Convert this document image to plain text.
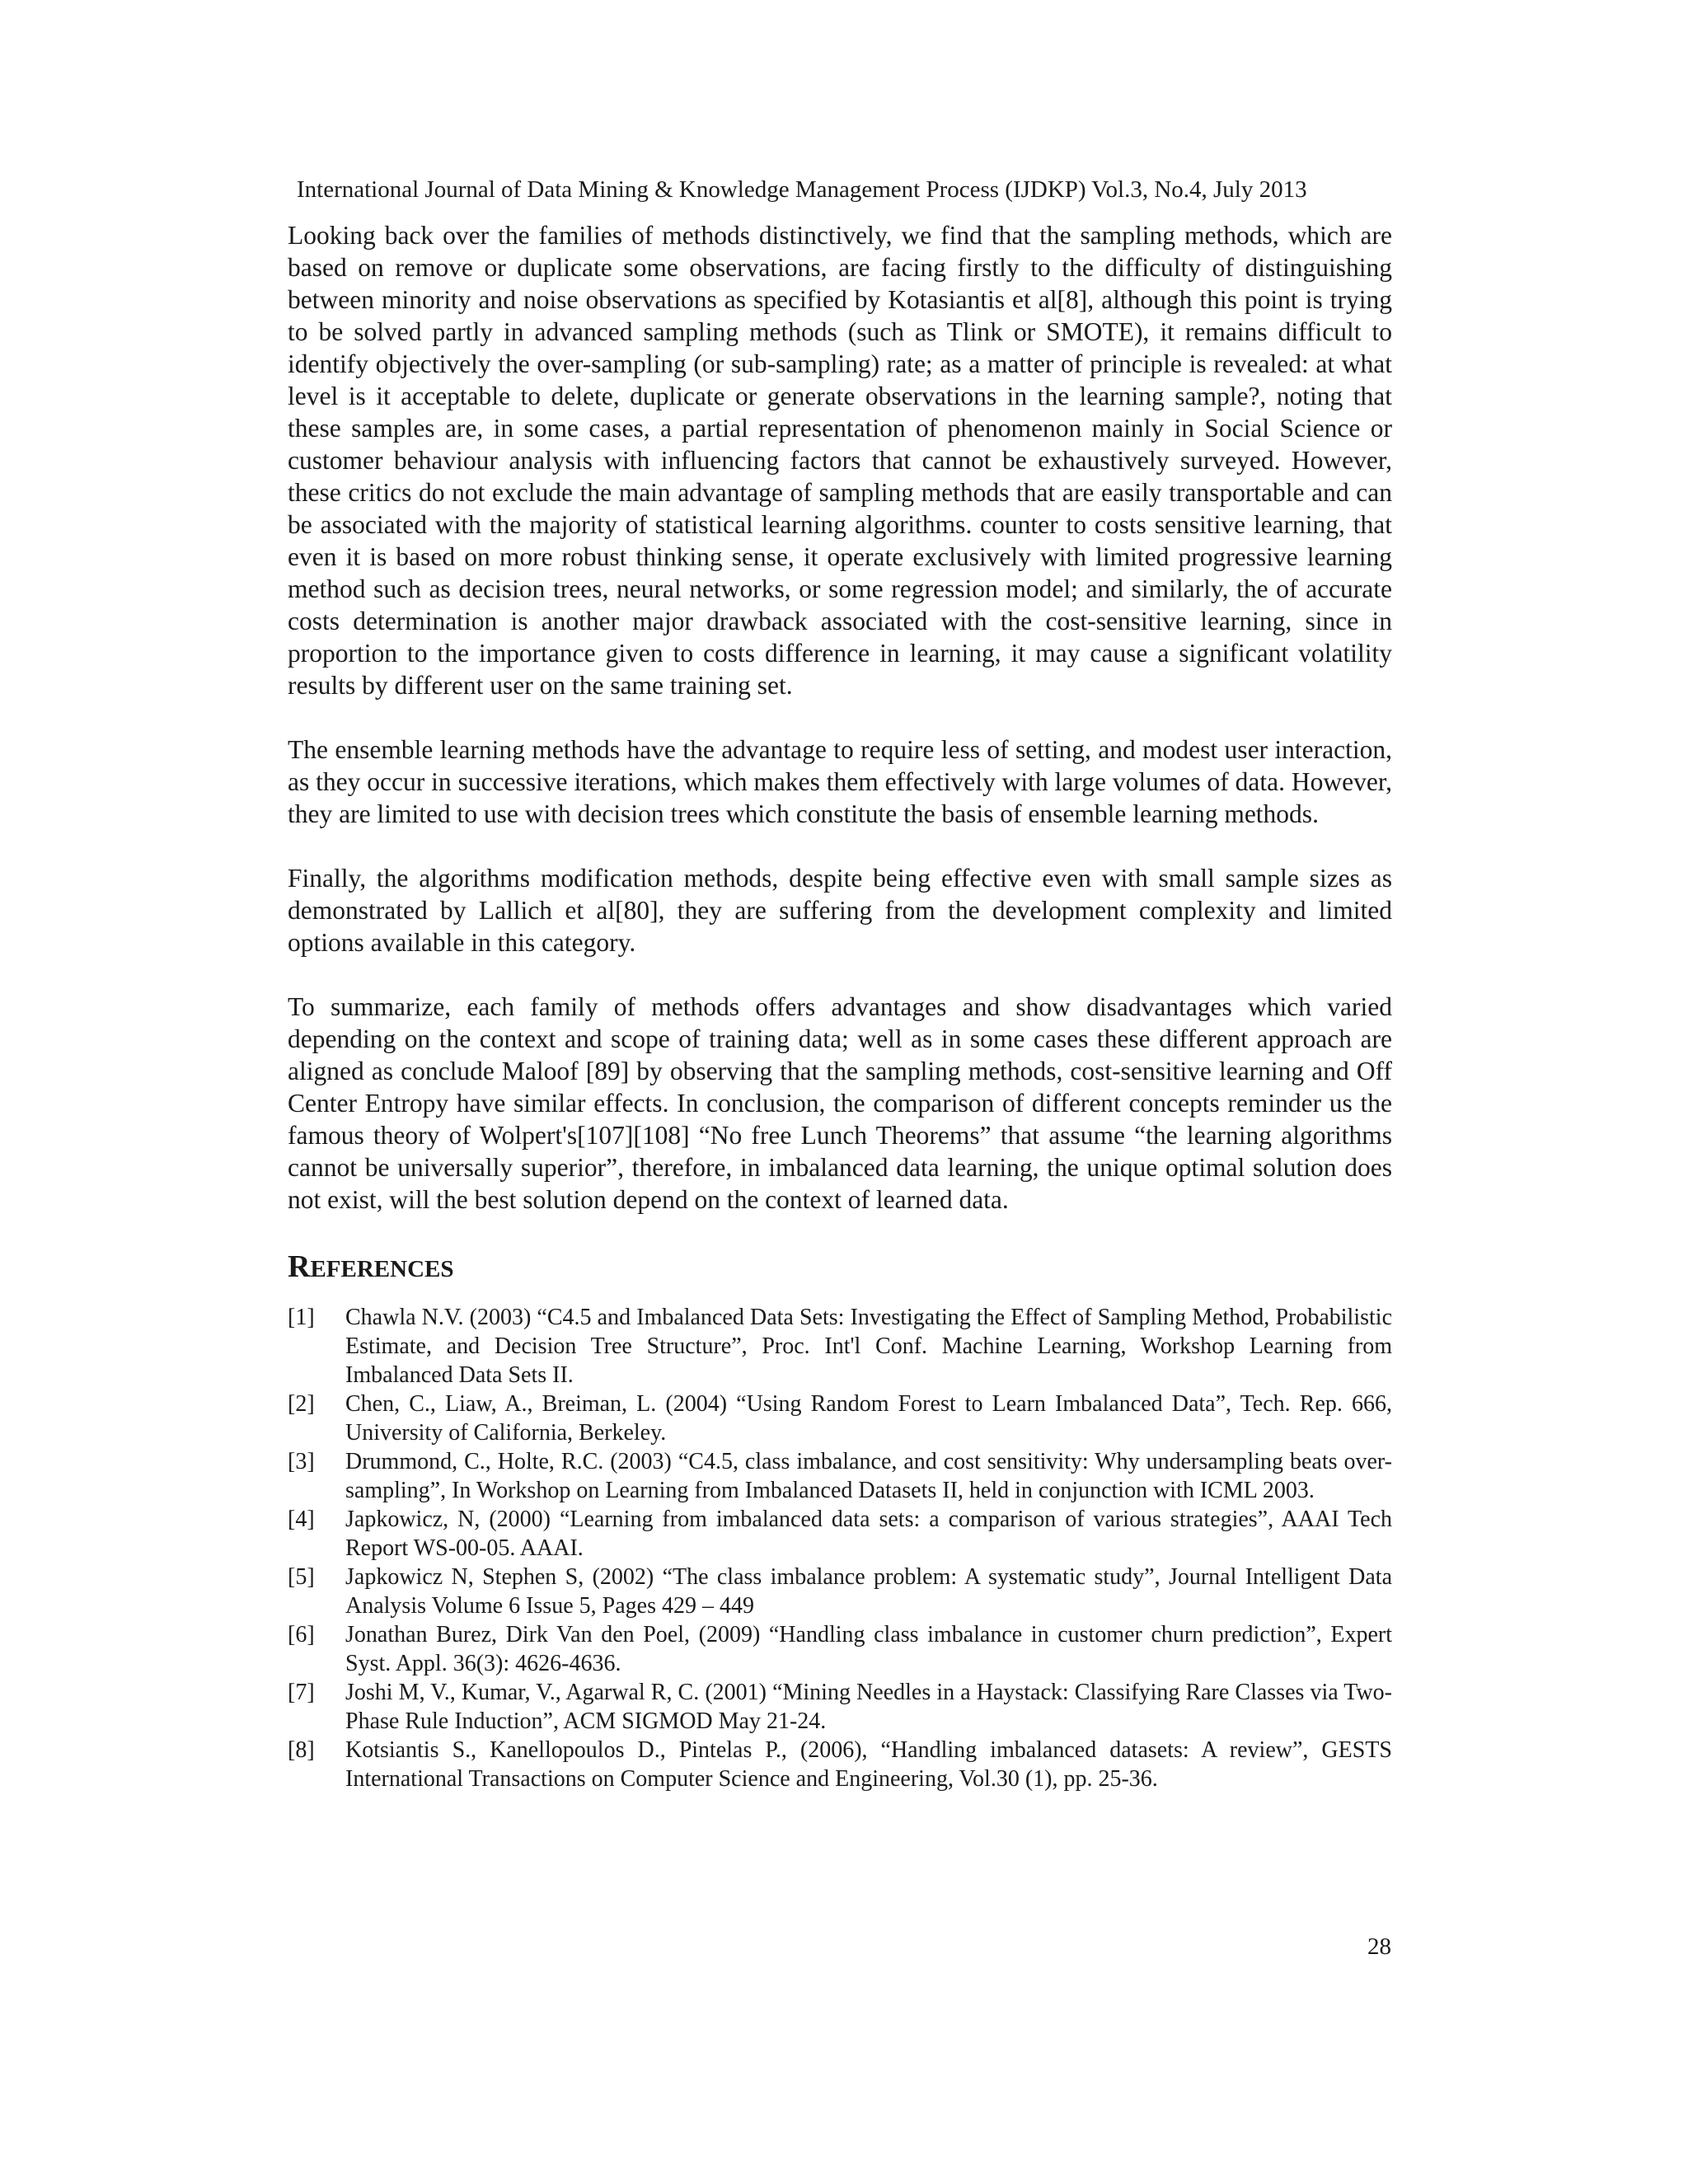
International Journal of Data Mining & Knowledge Management Process (IJDKP) Vol.3, No.4, July 2013

Looking back over the families of methods distinctively, we find that the sampling methods, which are based on remove or duplicate some observations, are facing firstly to the difficulty of distinguishing between minority and noise observations as specified by Kotasiantis et al[8], although this point is trying to be solved partly in advanced sampling methods (such as Tlink or SMOTE), it remains difficult to identify objectively the over-sampling (or sub-sampling) rate; as a matter of principle is revealed: at what level is it acceptable to delete, duplicate or generate observations in the learning sample?, noting that these samples are, in some cases, a partial representation of phenomenon mainly in Social Science or customer behaviour analysis with influencing factors that cannot be exhaustively surveyed. However, these critics do not exclude the main advantage of sampling methods that are easily transportable and can be associated with the majority of statistical learning algorithms. counter to costs sensitive learning, that even it is based on more robust thinking sense, it operate exclusively with limited progressive learning method such as decision trees, neural networks, or some regression model; and similarly, the of accurate costs determination is another major drawback associated with the cost-sensitive learning, since in proportion to the importance given to costs difference in learning, it may cause a significant volatility results by different user on the same training set.

The ensemble learning methods have the advantage to require less of setting, and modest user interaction, as they occur in successive iterations, which makes them effectively with large volumes of data. However, they are limited to use with decision trees which constitute the basis of ensemble learning methods.

Finally, the algorithms modification methods, despite being effective even with small sample sizes as demonstrated by Lallich et al[80], they are suffering from the development complexity and limited options available in this category.

To summarize, each family of methods offers advantages and show disadvantages which varied depending on the context and scope of training data; well as in some cases these different approach are aligned as conclude Maloof [89] by observing that the sampling methods, cost-sensitive learning and Off Center Entropy have similar effects. In conclusion, the comparison of different concepts reminder us the famous theory of Wolpert's[107][108] “No free Lunch Theorems” that assume “the learning algorithms cannot be universally superior”, therefore, in imbalanced data learning, the unique optimal solution does not exist, will the best solution depend on the context of learned data.

REFERENCES
[1] Chawla N.V. (2003) “C4.5 and Imbalanced Data Sets: Investigating the Effect of Sampling Method, Probabilistic Estimate, and Decision Tree Structure”, Proc. Int'l Conf. Machine Learning, Workshop Learning from Imbalanced Data Sets II.
[2] Chen, C., Liaw, A., Breiman, L. (2004) “Using Random Forest to Learn Imbalanced Data”, Tech. Rep. 666, University of California, Berkeley.
[3] Drummond, C., Holte, R.C. (2003) “C4.5, class imbalance, and cost sensitivity: Why undersampling beats over-sampling”, In Workshop on Learning from Imbalanced Datasets II, held in conjunction with ICML 2003.
[4] Japkowicz, N, (2000) “Learning from imbalanced data sets: a comparison of various strategies”, AAAI Tech Report WS-00-05. AAAI.
[5] Japkowicz N, Stephen S, (2002) “The class imbalance problem: A systematic study”, Journal Intelligent Data Analysis Volume 6 Issue 5, Pages 429 – 449
[6] Jonathan Burez, Dirk Van den Poel, (2009) “Handling class imbalance in customer churn prediction”, Expert Syst. Appl. 36(3): 4626-4636.
[7] Joshi M, V., Kumar, V., Agarwal R, C. (2001) “Mining Needles in a Haystack: Classifying Rare Classes via Two-Phase Rule Induction”, ACM SIGMOD May 21-24.
[8] Kotsiantis S., Kanellopoulos D., Pintelas P., (2006), “Handling imbalanced datasets: A review”, GESTS International Transactions on Computer Science and Engineering, Vol.30 (1), pp. 25-36.
28
